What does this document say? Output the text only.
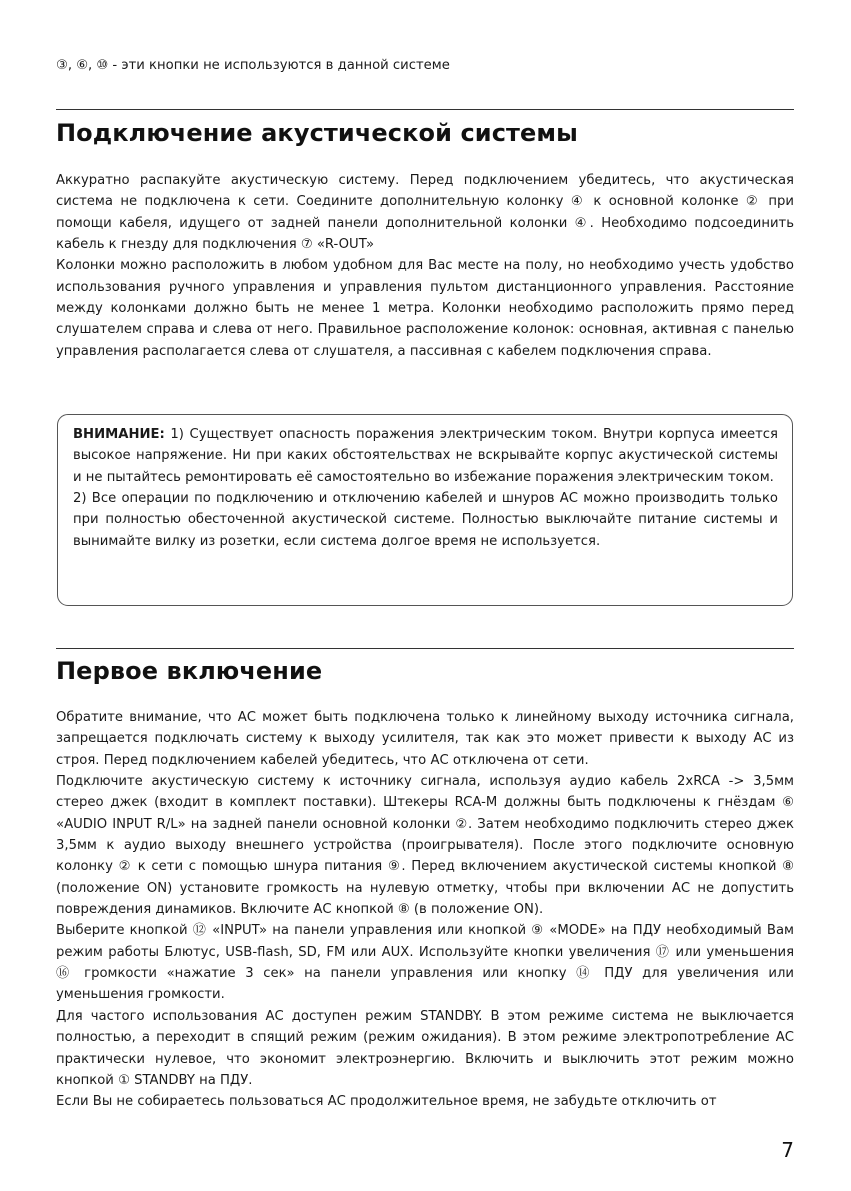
③, ⑥, ⑩ - эти кнопки не используются в данной системе
Подключение акустической системы

Аккуратно распакуйте акустическую систему. Перед подключением убедитесь, что акустическая система не подключена к сети. Соедините дополнительную колонку ④ к основной колонке ② при помощи кабеля, идущего от задней панели дополнительной колонки ④. Необходимо подсоединить кабель к гнезду для подключения ⑦ «R-OUT»

Колонки можно расположить в любом удобном для Вас месте на полу, но необходимо учесть удобство использования ручного управления и управления пультом дистанционного управления. Расстояние между колонками должно быть не менее 1 метра. Колонки необходимо расположить прямо перед слушателем справа и слева от него. Правильное расположение колонок: основная, активная с панелью управления располагается слева от слушателя, а пассивная с кабелем подключения справа.

ВНИМАНИЕ: 1) Существует опасность поражения электрическим током. Внутри корпуса имеется высокое напряжение. Ни при каких обстоятельствах не вскрывайте корпус акустической системы и не пытайтесь ремонтировать её самостоятельно во избежание поражения электрическим током.

2) Все операции по подключению и отключению кабелей и шнуров АС можно производить только при полностью обесточенной акустической системе. Полностью выключайте питание системы и вынимайте вилку из розетки, если система долгое время не используется.

Первое включение

Обратите внимание, что АС может быть подключена только к линейному выходу источника сигнала, запрещается подключать систему к выходу усилителя, так как это может привести к выходу АС из строя. Перед подключением кабелей убедитесь, что АС отключена от сети.

Подключите акустическую систему к источнику сигнала, используя аудио кабель 2xRCA -> 3,5мм стерео джек (входит в комплект поставки). Штекеры RCA-M должны быть подключены к гнёздам ⑥ «AUDIO INPUT R/L» на задней панели основной колонки ②. Затем необходимо подключить стерео джек 3,5мм к аудио выходу внешнего устройства (проигрывателя). После этого подключите основную колонку ② к сети с помощью шнура питания ⑨. Перед включением акустической системы кнопкой ⑧ (положение ON) установите громкость на нулевую отметку, чтобы при включении АС не допустить повреждения динамиков. Включите АС кнопкой ⑧ (в положение ON).

Выберите кнопкой ⑫ «INPUT» на панели управления или кнопкой ⑨ «MODE» на ПДУ необходимый Вам режим работы Блютус, USB-flash, SD, FM или AUX. Используйте кнопки увеличения ⑰ или уменьшения ⑯ громкости «нажатие 3 сек» на панели управления или кнопку ⑭ ПДУ для увеличения или уменьшения громкости.

Для частого использования АС доступен режим STANDBY. В этом режиме система не выключается полностью, а переходит в спящий режим (режим ожидания). В этом режиме электропотребление АС практически нулевое, что экономит электроэнергию. Включить и выключить этот режим можно кнопкой ① STANDBY на ПДУ.

Если Вы не собираетесь пользоваться АС продолжительное время, не забудьте отключить от

7
